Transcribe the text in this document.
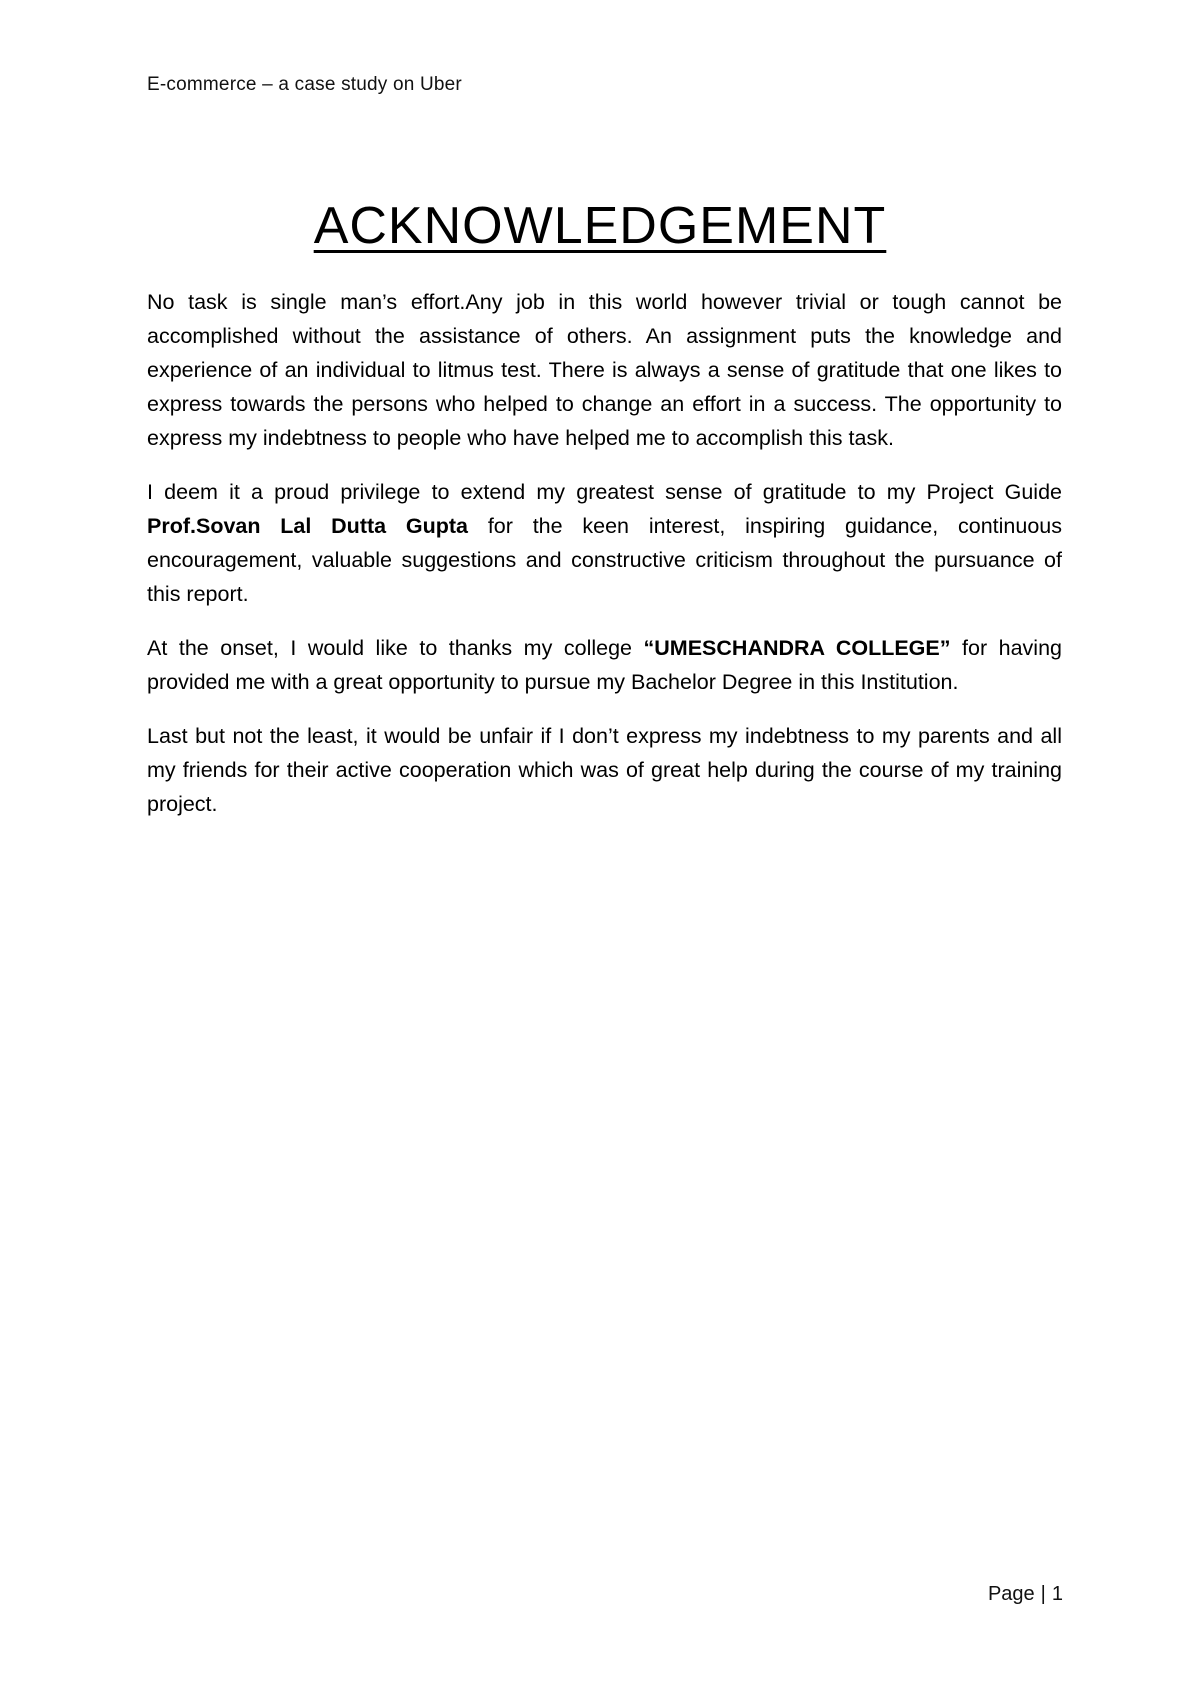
E-commerce – a case study on Uber
ACKNOWLEDGEMENT

No task is single man’s effort.Any job in this world however trivial or tough cannot be accomplished without the assistance of others. An assignment puts the knowledge and experience of an individual to litmus test. There is always a sense of gratitude that one likes to express towards the persons who helped to change an effort in a success. The opportunity to express my indebtness to people who have helped me to accomplish this task.

I deem it a proud privilege to extend my greatest sense of gratitude to my Project Guide Prof.Sovan Lal Dutta Gupta for the keen interest, inspiring guidance, continuous encouragement, valuable suggestions and constructive criticism throughout the pursuance of this report.

At the onset, I would like to thanks my college “UMESCHANDRA COLLEGE” for having provided me with a great opportunity to pursue my Bachelor Degree in this Institution.

Last but not the least, it would be unfair if I don’t express my indebtness to my parents and all my friends for their active cooperation which was of great help during the course of my training project.

Page | 1
